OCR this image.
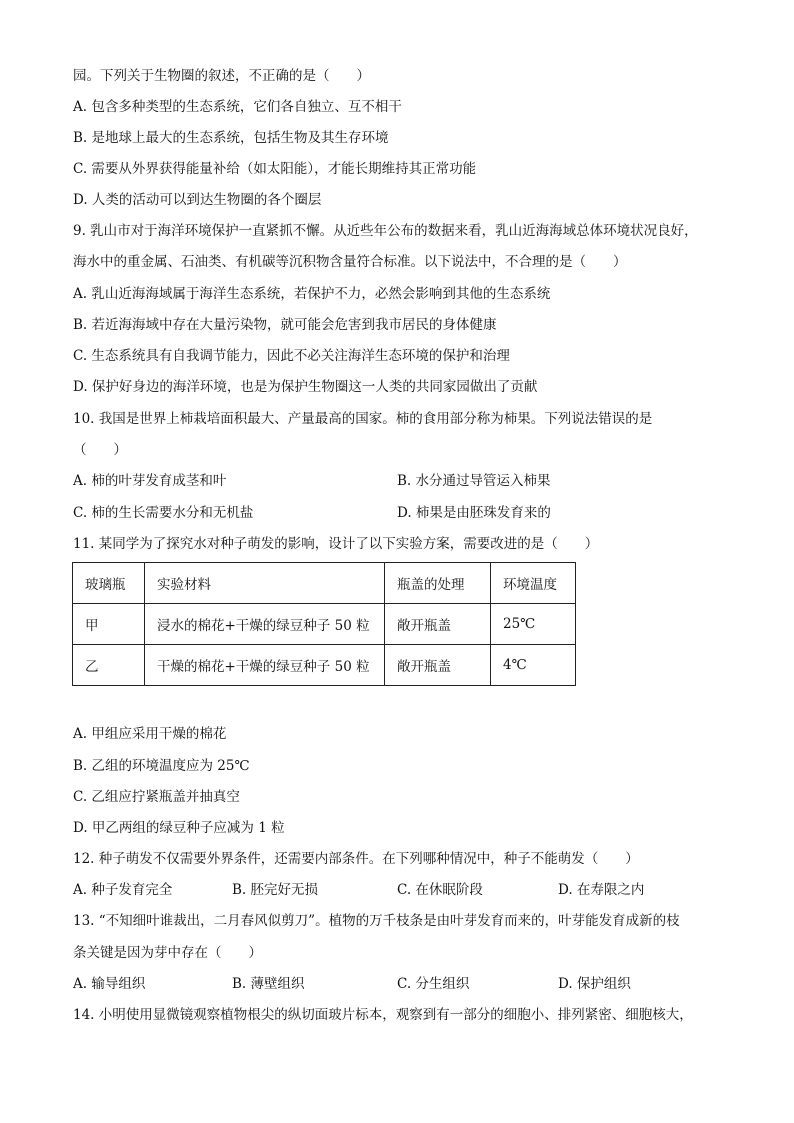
园。下列关于生物圈的叙述，不正确的是（　　）
A. 包含多种类型的生态系统，它们各自独立、互不相干
B. 是地球上最大的生态系统，包括生物及其生存环境
C. 需要从外界获得能量补给（如太阳能），才能长期维持其正常功能
D. 人类的活动可以到达生物圈的各个圈层
9. 乳山市对于海洋环境保护一直紧抓不懈。从近些年公布的数据来看，乳山近海海域总体环境状况良好，
海水中的重金属、石油类、有机碳等沉积物含量符合标准。以下说法中，不合理的是（　　）
A. 乳山近海海域属于海洋生态系统，若保护不力，必然会影响到其他的生态系统
B. 若近海海域中存在大量污染物，就可能会危害到我市居民的身体健康
C. 生态系统具有自我调节能力，因此不必关注海洋生态环境的保护和治理
D. 保护好身边的海洋环境，也是为保护生物圈这一人类的共同家园做出了贡献
10. 我国是世界上柿栽培面积最大、产量最高的国家。柿的食用部分称为柿果。下列说法错误的是
（　　）
A. 柿的叶芽发育成茎和叶	B. 水分通过导管运入柿果
C. 柿的生长需要水分和无机盐	D. 柿果是由胚珠发育来的
11. 某同学为了探究水对种子萌发的影响，设计了以下实验方案，需要改进的是（　　）
玻璃瓶	实验材料	瓶盖的处理	环境温度
甲	浸水的棉花+干燥的绿豆种子 50 粒	敞开瓶盖	25℃
乙	干燥的棉花+干燥的绿豆种子 50 粒	敞开瓶盖	4℃
A. 甲组应采用干燥的棉花
B. 乙组的环境温度应为 25℃
C. 乙组应拧紧瓶盖并抽真空
D. 甲乙两组的绿豆种子应减为 1 粒
12. 种子萌发不仅需要外界条件，还需要内部条件。在下列哪种情况中，种子不能萌发（　　）
A. 种子发育完全	B. 胚完好无损	C. 在休眠阶段	D. 在寿限之内
13. “不知细叶谁裁出，二月春风似剪刀”。植物的万千枝条是由叶芽发育而来的，叶芽能发育成新的枝
条关键是因为芽中存在（　　）
A. 输导组织	B. 薄壁组织	C. 分生组织	D. 保护组织
14. 小明使用显微镜观察植物根尖的纵切面玻片标本，观察到有一部分的细胞小、排列紧密、细胞核大，
